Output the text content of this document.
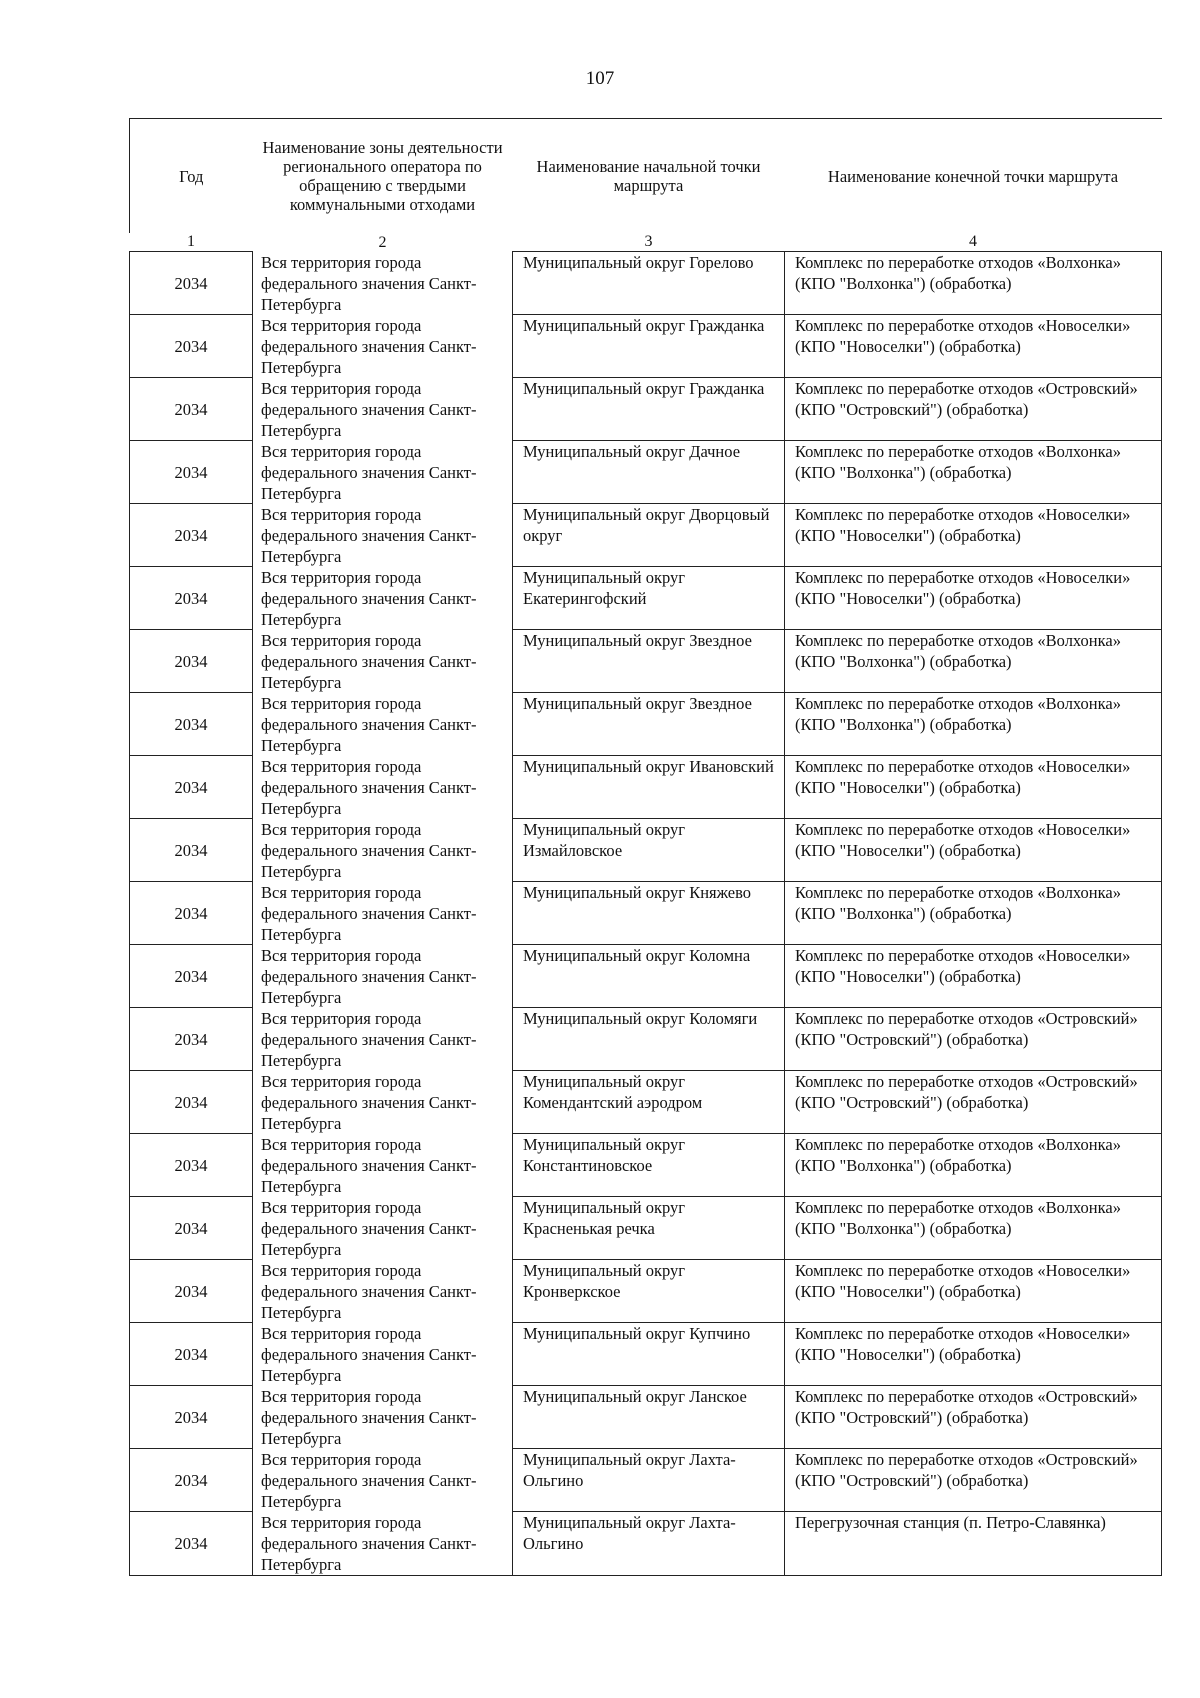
107
Год	Наименование зоны деятельности регионального оператора по обращению с твердыми коммунальными отходами	Наименование начальной точки маршрута	Наименование конечной точки маршрута
1	2	3	4
2034	Вся территория города федерального значения Санкт-Петербурга	Муниципальный округ Горелово	Комплекс по переработке отходов «Волхонка» (КПО "Волхонка") (обработка)
2034	Вся территория города федерального значения Санкт-Петербурга	Муниципальный округ Гражданка	Комплекс по переработке отходов «Новоселки» (КПО "Новоселки") (обработка)
2034	Вся территория города федерального значения Санкт-Петербурга	Муниципальный округ Гражданка	Комплекс по переработке отходов «Островский» (КПО "Островский") (обработка)
2034	Вся территория города федерального значения Санкт-Петербурга	Муниципальный округ Дачное	Комплекс по переработке отходов «Волхонка» (КПО "Волхонка") (обработка)
2034	Вся территория города федерального значения Санкт-Петербурга	Муниципальный округ Дворцовый округ	Комплекс по переработке отходов «Новоселки» (КПО "Новоселки") (обработка)
2034	Вся территория города федерального значения Санкт-Петербурга	Муниципальный округ Екатерингофский	Комплекс по переработке отходов «Новоселки» (КПО "Новоселки") (обработка)
2034	Вся территория города федерального значения Санкт-Петербурга	Муниципальный округ Звездное	Комплекс по переработке отходов «Волхонка» (КПО "Волхонка") (обработка)
2034	Вся территория города федерального значения Санкт-Петербурга	Муниципальный округ Звездное	Комплекс по переработке отходов «Волхонка» (КПО "Волхонка") (обработка)
2034	Вся территория города федерального значения Санкт-Петербурга	Муниципальный округ Ивановский	Комплекс по переработке отходов «Новоселки» (КПО "Новоселки") (обработка)
2034	Вся территория города федерального значения Санкт-Петербурга	Муниципальный округ Измайловское	Комплекс по переработке отходов «Новоселки» (КПО "Новоселки") (обработка)
2034	Вся территория города федерального значения Санкт-Петербурга	Муниципальный округ Княжево	Комплекс по переработке отходов «Волхонка» (КПО "Волхонка") (обработка)
2034	Вся территория города федерального значения Санкт-Петербурга	Муниципальный округ Коломна	Комплекс по переработке отходов «Новоселки» (КПО "Новоселки") (обработка)
2034	Вся территория города федерального значения Санкт-Петербурга	Муниципальный округ Коломяги	Комплекс по переработке отходов «Островский» (КПО "Островский") (обработка)
2034	Вся территория города федерального значения Санкт-Петербурга	Муниципальный округ Комендантский аэродром	Комплекс по переработке отходов «Островский» (КПО "Островский") (обработка)
2034	Вся территория города федерального значения Санкт-Петербурга	Муниципальный округ Константиновское	Комплекс по переработке отходов «Волхонка» (КПО "Волхонка") (обработка)
2034	Вся территория города федерального значения Санкт-Петербурга	Муниципальный округ Красненькая речка	Комплекс по переработке отходов «Волхонка» (КПО "Волхонка") (обработка)
2034	Вся территория города федерального значения Санкт-Петербурга	Муниципальный округ Кронверкское	Комплекс по переработке отходов «Новоселки» (КПО "Новоселки") (обработка)
2034	Вся территория города федерального значения Санкт-Петербурга	Муниципальный округ Купчино	Комплекс по переработке отходов «Новоселки» (КПО "Новоселки") (обработка)
2034	Вся территория города федерального значения Санкт-Петербурга	Муниципальный округ Ланское	Комплекс по переработке отходов «Островский» (КПО "Островский") (обработка)
2034	Вся территория города федерального значения Санкт-Петербурга	Муниципальный округ Лахта-Ольгино	Комплекс по переработке отходов «Островский» (КПО "Островский") (обработка)
2034	Вся территория города федерального значения Санкт-Петербурга	Муниципальный округ Лахта-Ольгино	Перегрузочная станция (п. Петро-Славянка)
